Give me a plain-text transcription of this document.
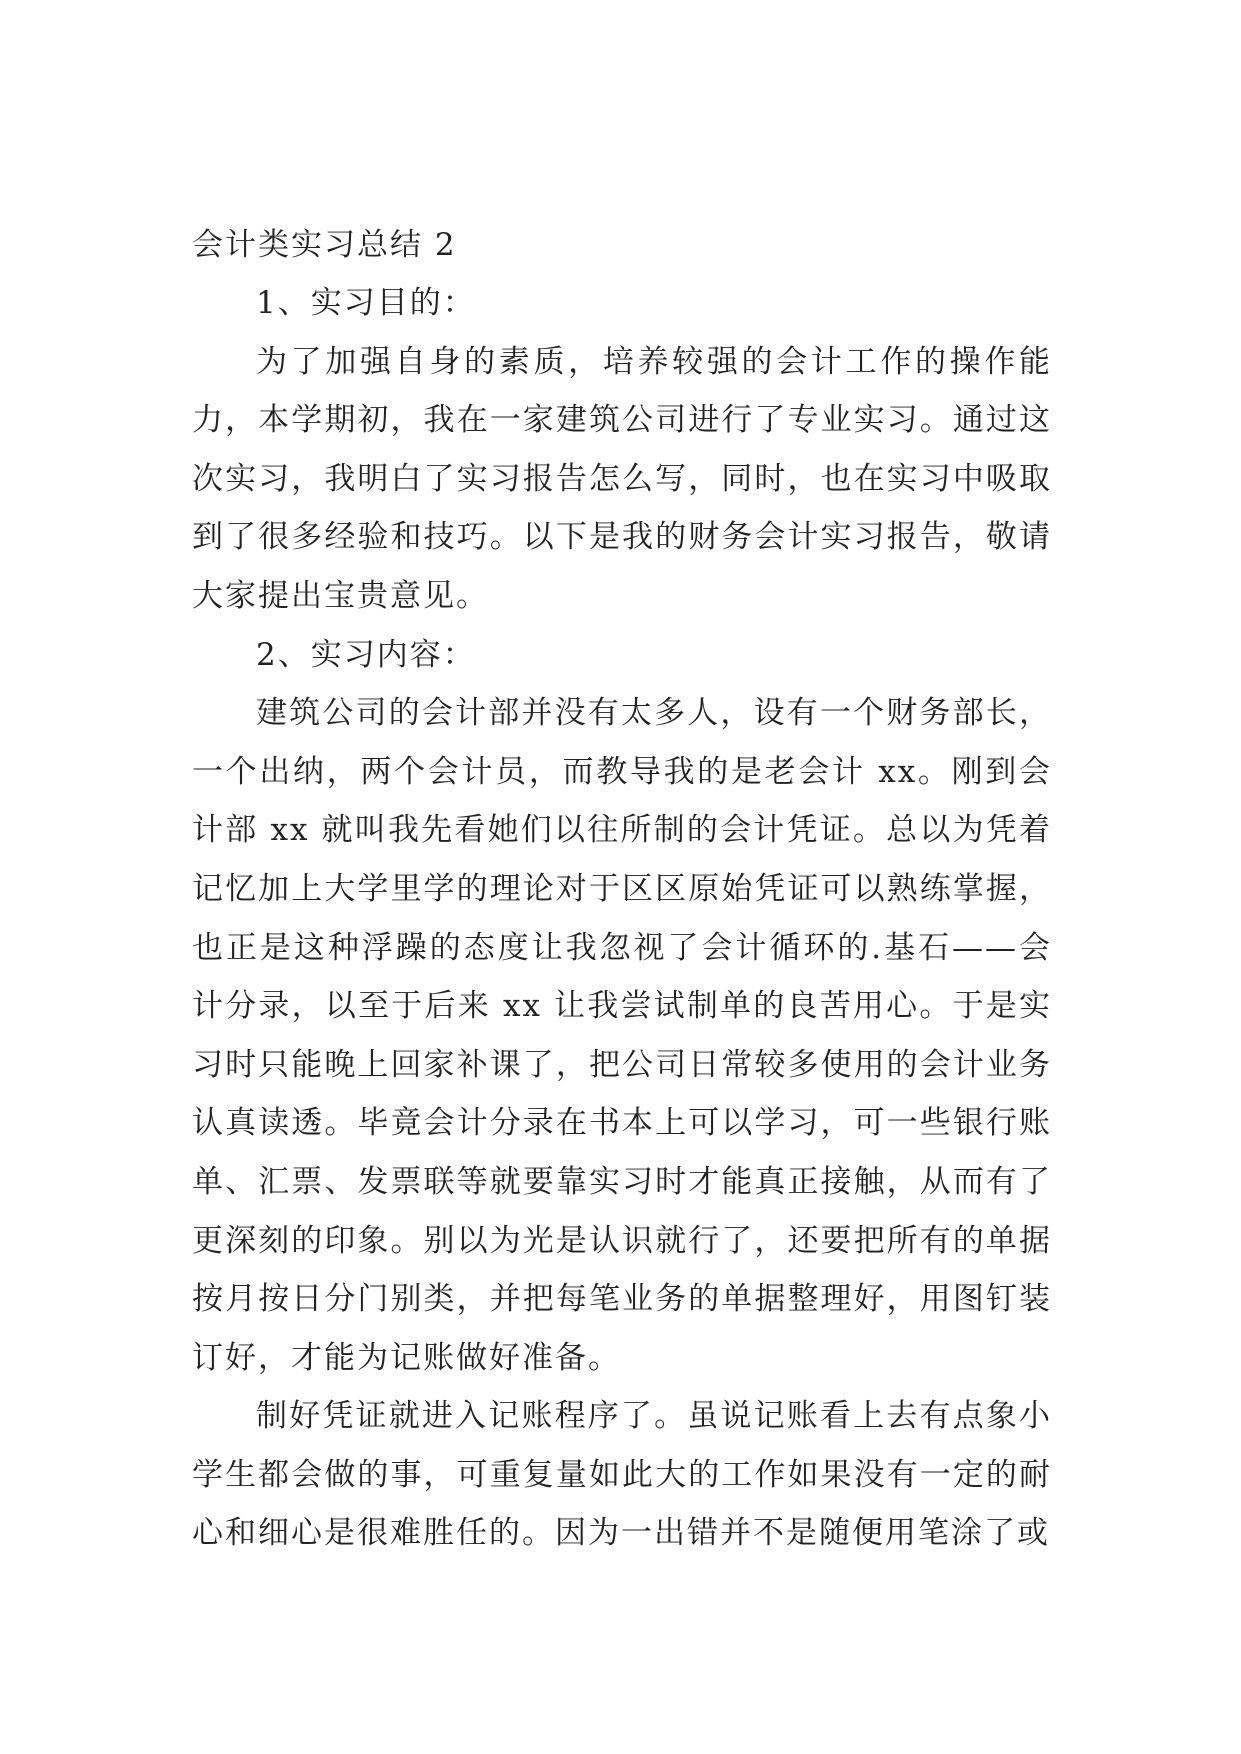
会计类实习总结 2

1、实习目的：

为了加强自身的素质，培养较强的会计工作的操作能力，本学期初，我在一家建筑公司进行了专业实习。通过这次实习，我明白了实习报告怎么写，同时，也在实习中吸取到了很多经验和技巧。以下是我的财务会计实习报告，敬请大家提出宝贵意见。

2、实习内容：

建筑公司的会计部并没有太多人，设有一个财务部长，一个出纳，两个会计员，而教导我的是老会计 xx。刚到会计部 xx 就叫我先看她们以往所制的会计凭证。总以为凭着记忆加上大学里学的理论对于区区原始凭证可以熟练掌握，也正是这种浮躁的态度让我忽视了会计循环的.基石——会计分录，以至于后来 xx 让我尝试制单的良苦用心。于是实习时只能晚上回家补课了，把公司日常较多使用的会计业务认真读透。毕竟会计分录在书本上可以学习，可一些银行账单、汇票、发票联等就要靠实习时才能真正接触，从而有了更深刻的印象。别以为光是认识就行了，还要把所有的单据按月按日分门别类，并把每笔业务的单据整理好，用图钉装订好，才能为记账做好准备。

制好凭证就进入记账程序了。虽说记账看上去有点象小学生都会做的事，可重复量如此大的工作如果没有一定的耐心和细心是很难胜任的。因为一出错并不是随便用笔涂了或
